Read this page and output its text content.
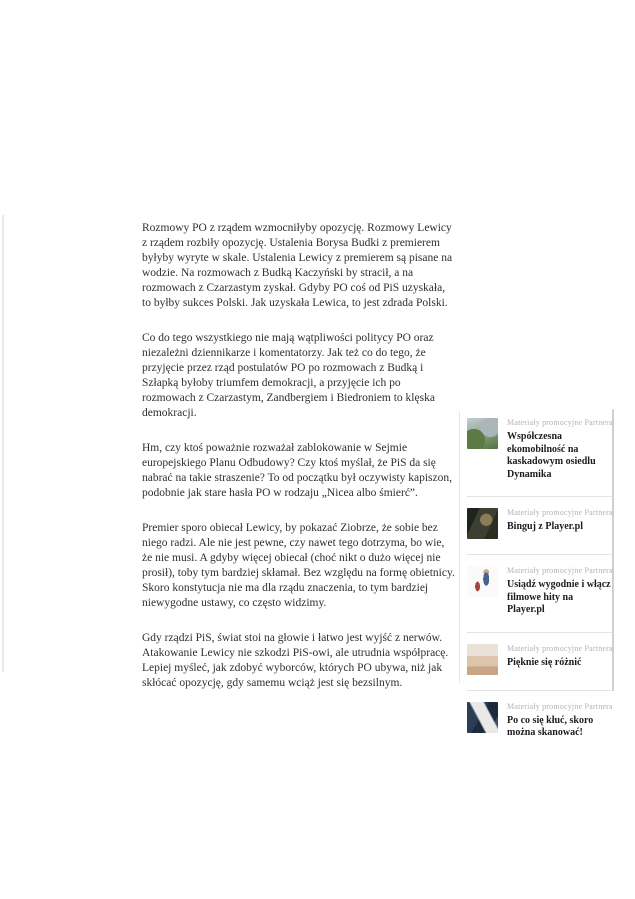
Rozmowy PO z rządem wzmocniłyby opozycję. Rozmowy Lewicy z rządem rozbiły opozycję. Ustalenia Borysa Budki z premierem byłyby wyryte w skale. Ustalenia Lewicy z premierem są pisane na wodzie. Na rozmowach z Budką Kaczyński by stracił, a na rozmowach z Czarzastym zyskał. Gdyby PO coś od PiS uzyskała, to byłby sukces Polski. Jak uzyskała Lewica, to jest zdrada Polski.

Co do tego wszystkiego nie mają wątpliwości politycy PO oraz niezależni dziennikarze i komentatorzy. Jak też co do tego, że przyjęcie przez rząd postulatów PO po rozmowach z Budką i Szłapką byłoby triumfem demokracji, a przyjęcie ich po rozmowach z Czarzastym, Zandbergiem i Biedroniem to klęska demokracji.

Hm, czy ktoś poważnie rozważał zablokowanie w Sejmie europejskiego Planu Odbudowy? Czy ktoś myślał, że PiS da się nabrać na takie straszenie? To od początku był oczywisty kapiszon, podobnie jak stare hasła PO w rodzaju „Nicea albo śmierć”.

Premier sporo obiecał Lewicy, by pokazać Ziobrze, że sobie bez niego radzi. Ale nie jest pewne, czy nawet tego dotrzyma, bo wie, że nie musi. A gdyby więcej obiecał (choć nikt o dużo więcej nie prosił), toby tym bardziej skłamał. Bez względu na formę obietnicy. Skoro konstytucja nie ma dla rządu znaczenia, to tym bardziej niewygodne ustawy, co często widzimy.

Gdy rządzi PiS, świat stoi na głowie i łatwo jest wyjść z nerwów. Atakowanie Lewicy nie szkodzi PiS-owi, ale utrudnia współpracę. Lepiej myśleć, jak zdobyć wyborców, których PO ubywa, niż jak skłócać opozycję, gdy samemu wciąż jest się bezsilnym.

Materiały promocyjne Partnera
Współczesna ekomobilność na kaskadowym osiedlu Dynamika
Materiały promocyjne Partnera
Binguj z Player.pl
Materiały promocyjne Partnera
Usiądź wygodnie i włącz filmowe hity na Player.pl
Materiały promocyjne Partnera
Pięknie się różnić
Materiały promocyjne Partnera
Po co się kłuć, skoro można skanować!
